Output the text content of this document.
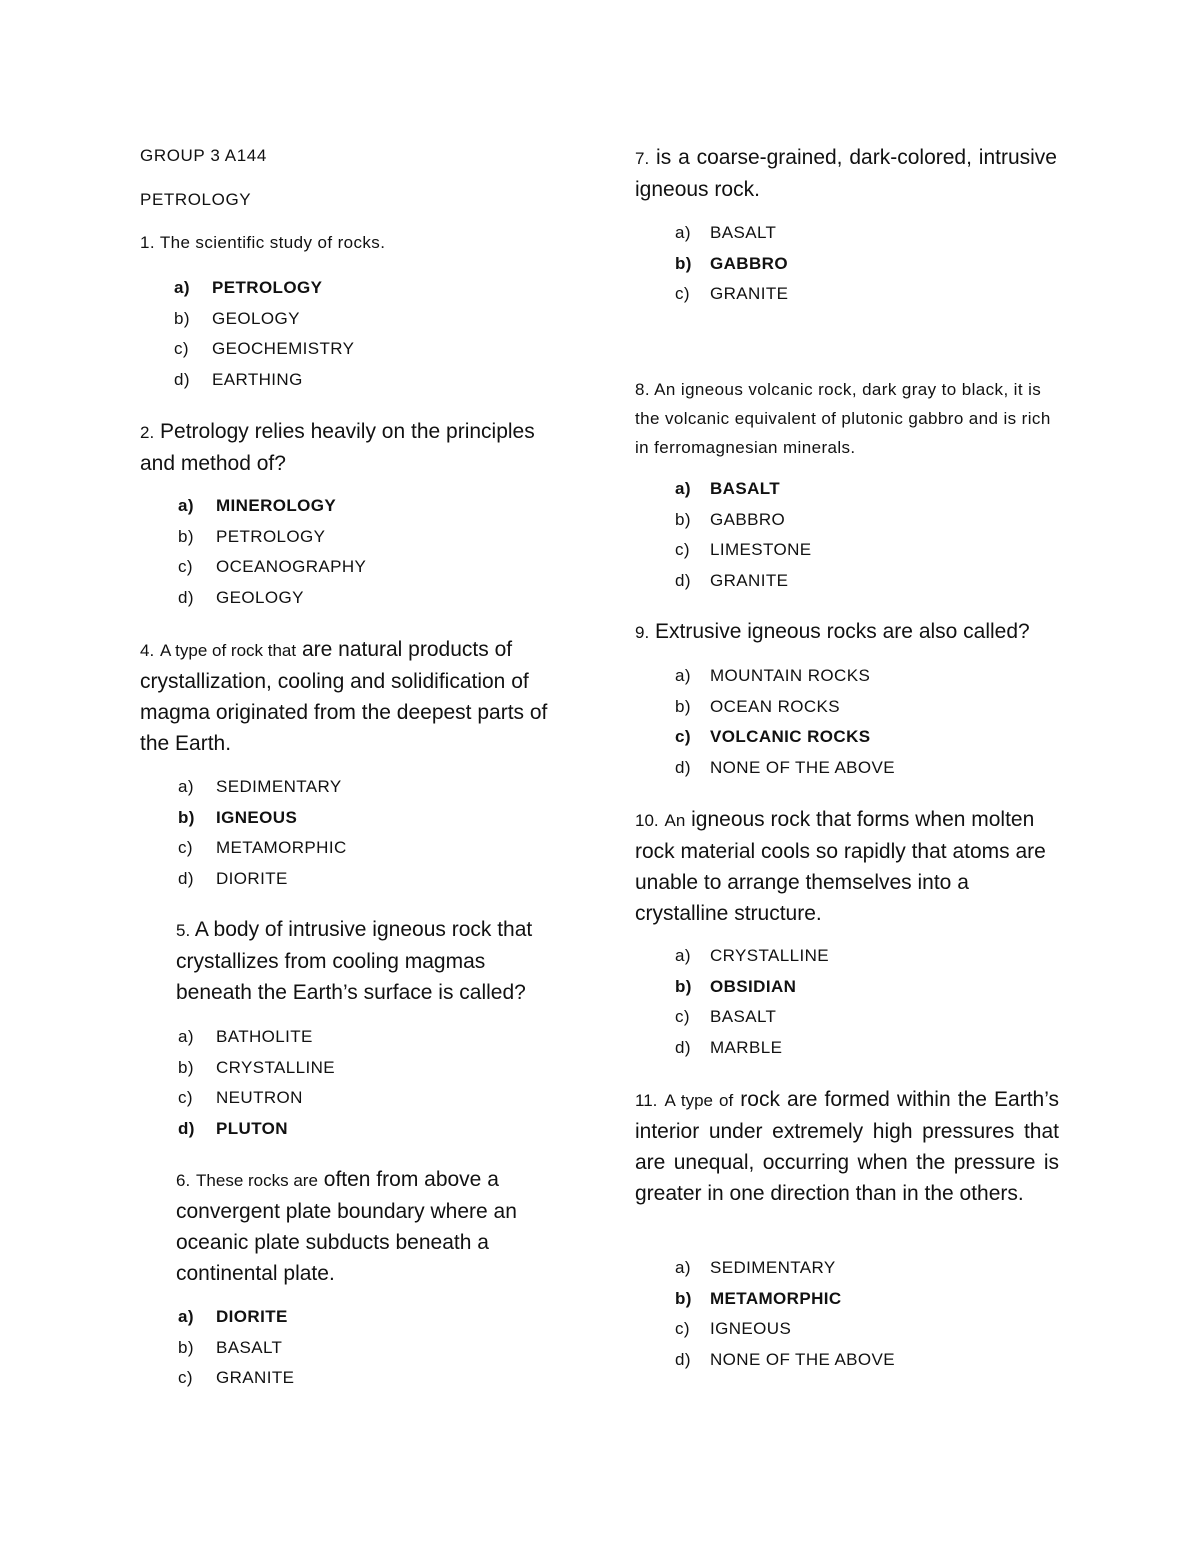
GROUP 3 A144
PETROLOGY
1. The scientific study of rocks.
a) PETROLOGY
b) GEOLOGY
c) GEOCHEMISTRY
d) EARTHING

2. Petrology relies heavily on the principles and method of?

a) MINEROLOGY
b) PETROLOGY
c) OCEANOGRAPHY
d) GEOLOGY

4. A type of rock that are natural products of crystallization, cooling and solidification of magma originated from the deepest parts of the Earth.

a) SEDIMENTARY
b) IGNEOUS
c) METAMORPHIC
d) DIORITE

5. A body of intrusive igneous rock that crystallizes from cooling magmas beneath the Earth’s surface is called?

a) BATHOLITE
b) CRYSTALLINE
c) NEUTRON
d) PLUTON

6. These rocks are often from above a convergent plate boundary where an oceanic plate subducts beneath a continental plate.

a) DIORITE
b) BASALT
c) GRANITE

7. is a coarse-grained, dark-colored, intrusive igneous rock.

a) BASALT
b) GABBRO
c) GRANITE

8. An igneous volcanic rock, dark gray to black, it is the volcanic equivalent of plutonic gabbro and is rich in ferromagnesian minerals.

a) BASALT
b) GABBRO
c) LIMESTONE
d) GRANITE

9. Extrusive igneous rocks are also called?

a) MOUNTAIN ROCKS
b) OCEAN ROCKS
c) VOLCANIC ROCKS
d) NONE OF THE ABOVE

10. An igneous rock that forms when molten rock material cools so rapidly that atoms are unable to arrange themselves into a crystalline structure.

a) CRYSTALLINE
b) OBSIDIAN
c) BASALT
d) MARBLE

11. A type of rock are formed within the Earth’s interior under extremely high pressures that are unequal, occurring when the pressure is greater in one direction than in the others.

a) SEDIMENTARY
b) METAMORPHIC
c) IGNEOUS
d) NONE OF THE ABOVE
